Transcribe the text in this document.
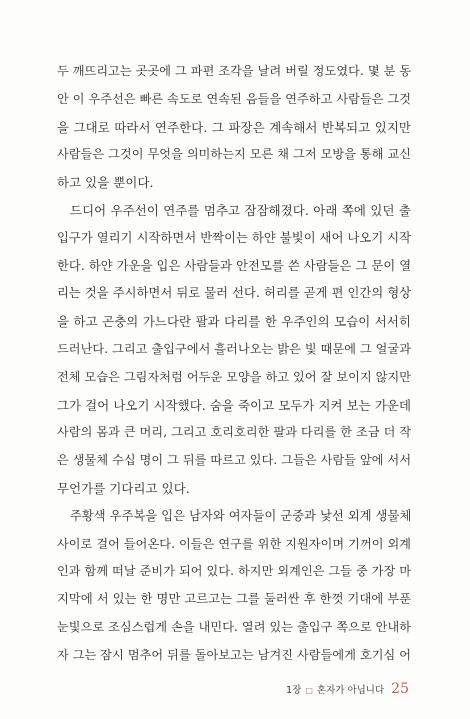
두 깨뜨리고는 곳곳에 그 파편 조각을 날려 버릴 정도였다. 몇 분 동
안 이 우주선은 빠른 속도로 연속된 음들을 연주하고 사람들은 그것
을 그대로 따라서 연주한다. 그 파장은 계속해서 반복되고 있지만
사람들은 그것이 무엇을 의미하는지 모른 채 그저 모방을 통해 교신
하고 있을 뿐이다.
드디어 우주선이 연주를 멈추고 잠잠해졌다. 아래 쪽에 있던 출
입구가 열리기 시작하면서 반짝이는 하얀 불빛이 새어 나오기 시작
한다. 하얀 가운을 입은 사람들과 안전모를 쓴 사람들은 그 문이 열
리는 것을 주시하면서 뒤로 물러 선다. 허리를 곧게 편 인간의 형상
을 하고 곤충의 가느다란 팔과 다리를 한 우주인의 모습이 서서히
드러난다. 그리고 출입구에서 흘러나오는 밝은 빛 때문에 그 얼굴과
전체 모습은 그림자처럼 어두운 모양을 하고 있어 잘 보이지 않지만
그가 걸어 나오기 시작했다. 숨을 죽이고 모두가 지켜 보는 가운데
사람의 몸과 큰 머리, 그리고 호리호리한 팔과 다리를 한 조금 더 작
은 생물체 수십 명이 그 뒤를 따르고 있다. 그들은 사람들 앞에 서서
무언가를 기다리고 있다.
주황색 우주복을 입은 남자와 여자들이 군중과 낯선 외계 생물체
사이로 걸어 들어온다. 이들은 연구를 위한 지원자이며 기꺼이 외계
인과 함께 떠날 준비가 되어 있다. 하지만 외계인은 그들 중 가장 마
지막에 서 있는 한 명만 고르고는 그를 둘러싼 후 한껏 기대에 부푼
눈빛으로 조심스럽게 손을 내민다. 열려 있는 출입구 쪽으로 안내하
자 그는 잠시 멈추어 뒤를 돌아보고는 남겨진 사람들에게 호기심 어
1장 □ 혼자가 아닙니다 25
